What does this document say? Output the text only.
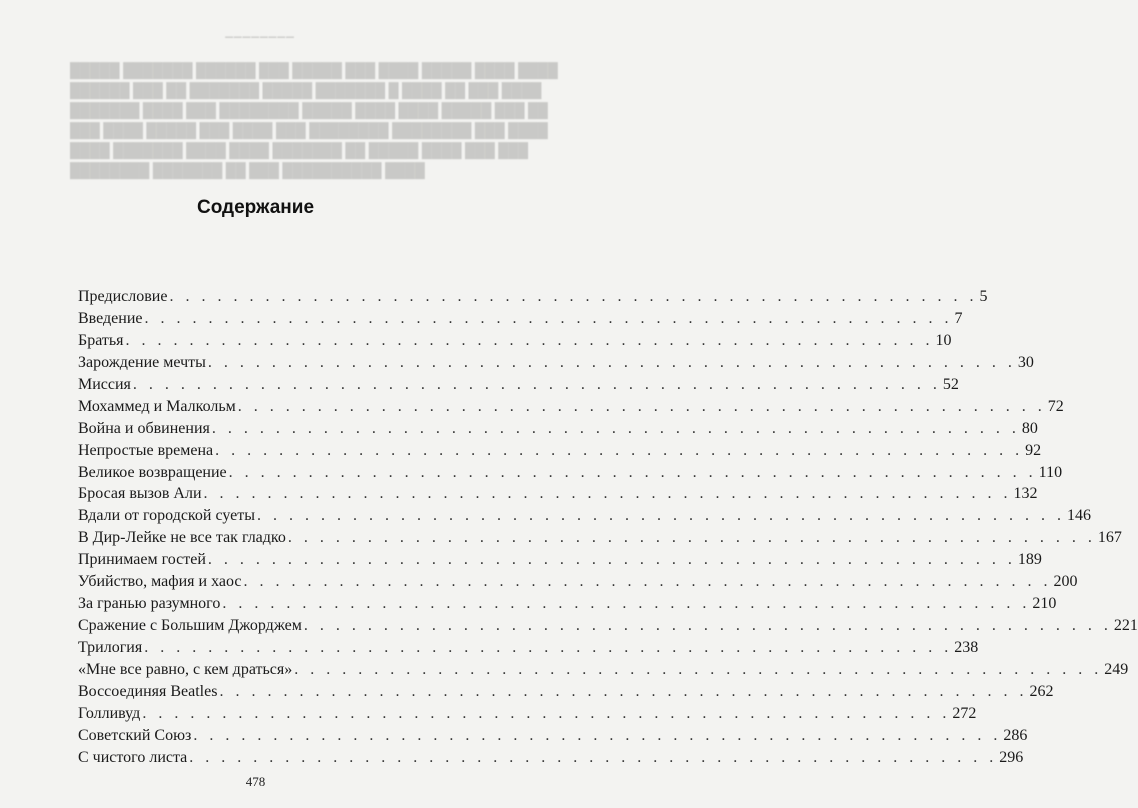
▔▔▔▔▔▔▔▔
█████ ███████ ██████ ███ █████ ███ ████ █████ ████ ████
██████ ███ ██ ███████ █████ ███████ █ ████ ██ ███ ████
███████ ████ ███ ████████ █████ ████ ████ █████ ███ ██
███ ████ █████ ███ ████ ███ ████████ ████████ ███ ████
████ ███████ ████ ████ ███████ ██ █████ ████ ███ ███
████████ ███████ ██ ███ ██████████ ████
Содержание
Предисловие . . .	5
Введение . . .	7
Братья . . .	10
Зарождение мечты . . .	30
Миссия . . .	52
Мохаммед и Малкольм . . .	72
Война и обвинения . . .	80
Непростые времена . . .	92
Великое возвращение . . .	110
Бросая вызов Али . . .	132
Вдали от городской суеты . . .	146
В Дир-Лейке не все так гладко . . .	167
Принимаем гостей . . .	189
Убийство, мафия и хаос . . .	200
За гранью разумного . . .	210
Сражение с Большим Джорджем . . .	221
Трилогия . . .	238
«Мне все равно, с кем драться» . . .	249
Воссоединяя Beatles . . .	262
Голливуд . . .	272
Советский Союз . . .	286
С чистого листа . . .	296
478
